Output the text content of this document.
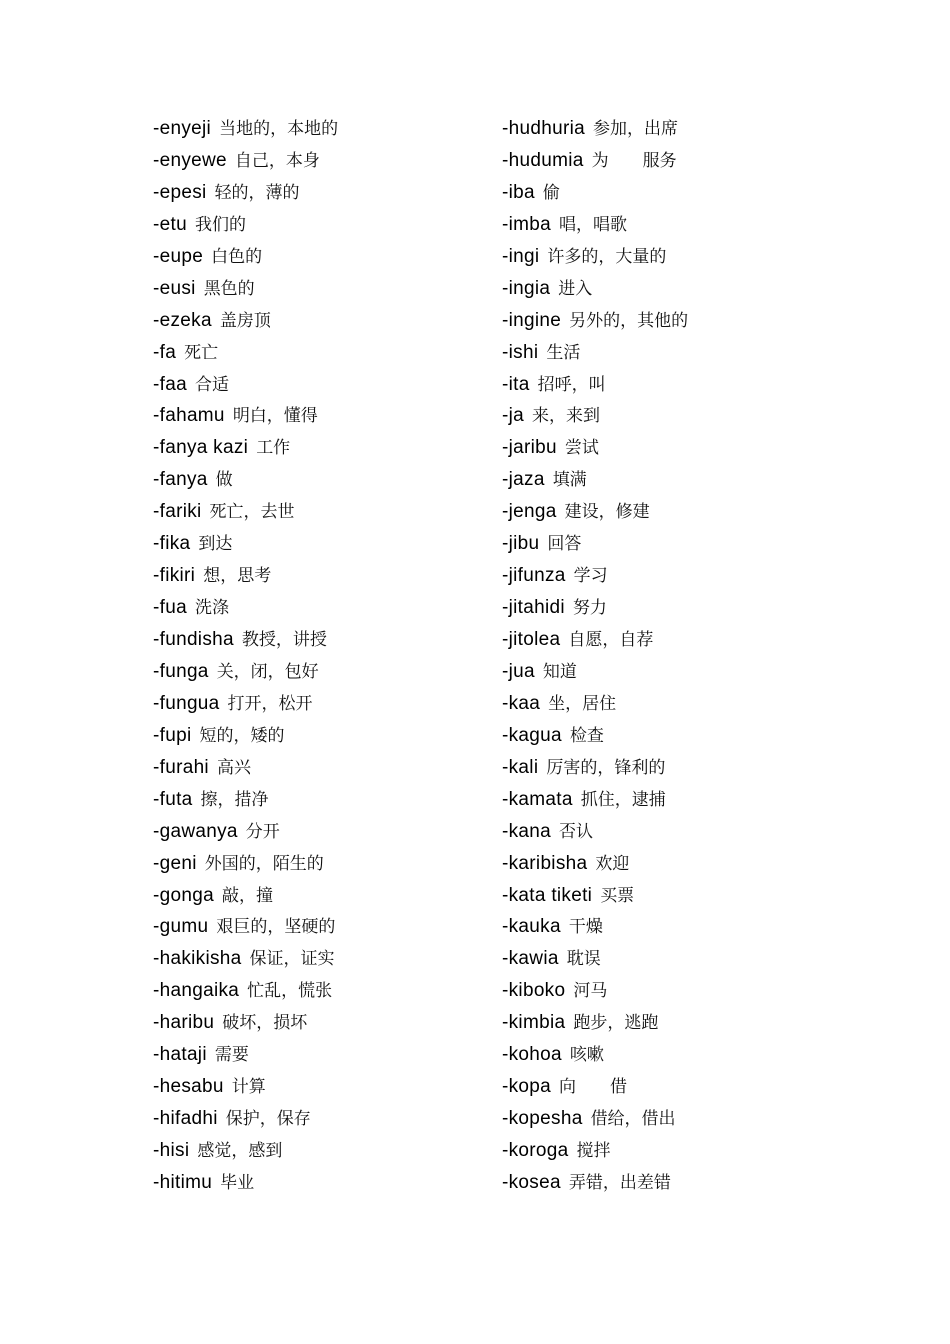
-enyeji 当地的，本地的
-enyewe 自己，本身
-epesi 轻的，薄的
-etu 我们的
-eupe 白色的
-eusi 黑色的
-ezeka 盖房顶
-fa 死亡
-faa 合适
-fahamu 明白，懂得
-fanya kazi 工作
-fanya 做
-fariki 死亡，去世
-fika 到达
-fikiri 想，思考
-fua 洗涤
-fundisha 教授，讲授
-funga 关，闭，包好
-fungua 打开，松开
-fupi 短的，矮的
-furahi 高兴
-futa 擦，措净
-gawanya 分开
-geni 外国的，陌生的
-gonga 敲，撞
-gumu 艰巨的，坚硬的
-hakikisha 保证，证实
-hangaika 忙乱，慌张
-haribu 破坏，损坏
-hataji 需要
-hesabu 计算
-hifadhi 保护，保存
-hisi 感觉，感到
-hitimu 毕业
-hudhuria 参加，出席
-hudumia 为　　服务
-iba 偷
-imba 唱，唱歌
-ingi 许多的，大量的
-ingia 进入
-ingine 另外的，其他的
-ishi 生活
-ita 招呼，叫
-ja 来，来到
-jaribu 尝试
-jaza 填满
-jenga 建设，修建
-jibu 回答
-jifunza 学习
-jitahidi 努力
-jitolea 自愿，自荐
-jua 知道
-kaa 坐，居住
-kagua 检查
-kali 厉害的，锋利的
-kamata 抓住，逮捕
-kana 否认
-karibisha 欢迎
-kata tiketi 买票
-kauka 干燥
-kawia 耽误
-kiboko 河马
-kimbia 跑步，逃跑
-kohoa 咳嗽
-kopa 向　　借
-kopesha 借给，借出
-koroga 搅拌
-kosea 弄错，出差错
